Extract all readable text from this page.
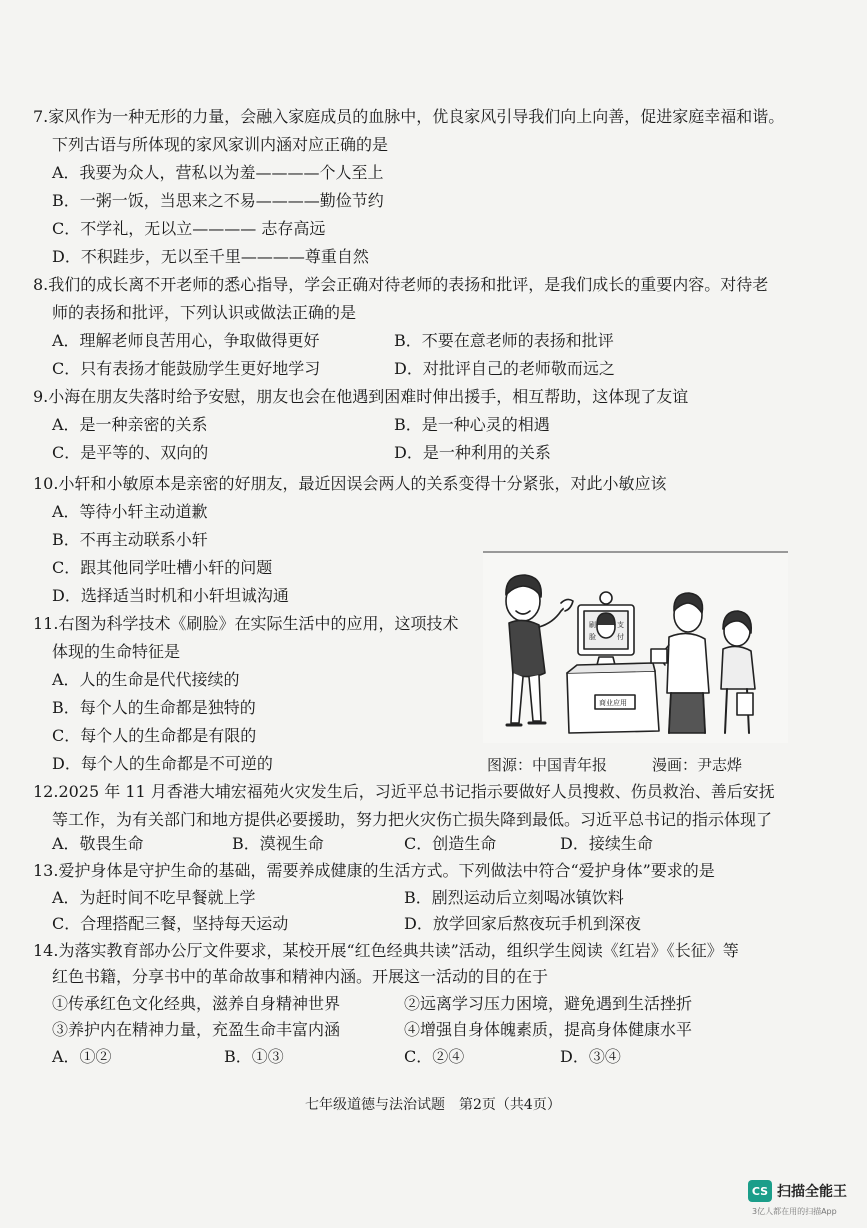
7.家风作为一种无形的力量，会融入家庭成员的血脉中，优良家风引导我们向上向善，促进家庭幸福和谐。
下列古语与所体现的家风家训内涵对应正确的是
A．我要为众人，营私以为羞————个人至上
B．一粥一饭，当思来之不易————勤俭节约
C．不学礼，无以立———— 志存高远
D．不积跬步，无以至千里————尊重自然
8.我们的成长离不开老师的悉心指导，学会正确对待老师的表扬和批评，是我们成长的重要内容。对待老
师的表扬和批评，下列认识或做法正确的是
A．理解老师良苦用心，争取做得更好	B．不要在意老师的表扬和批评
C．只有表扬才能鼓励学生更好地学习	D．对批评自己的老师敬而远之
9.小海在朋友失落时给予安慰，朋友也会在他遇到困难时伸出援手，相互帮助，这体现了友谊
A．是一种亲密的关系	B．是一种心灵的相遇
C．是平等的、双向的	D．是一种利用的关系
10.小轩和小敏原本是亲密的好朋友，最近因误会两人的关系变得十分紧张，对此小敏应该
A．等待小轩主动道歉
B．不再主动联系小轩
C．跟其他同学吐槽小轩的问题
D．选择适当时机和小轩坦诚沟通
11.右图为科学技术《刷脸》在实际生活中的应用，这项技术
体现的生命特征是
A．人的生命是代代接续的
B．每个人的生命都是独特的
C．每个人的生命都是有限的
D．每个人的生命都是不可逆的
刷
脸
支
付
商业应用
图源：中国青年报	漫画：尹志烨
12.2025 年 11 月香港大埔宏福苑火灾发生后，习近平总书记指示要做好人员搜救、伤员救治、善后安抚
等工作，为有关部门和地方提供必要援助，努力把火灾伤亡损失降到最低。习近平总书记的指示体现了
A．敬畏生命	B．漠视生命	C．创造生命	D．接续生命
13.爱护身体是守护生命的基础，需要养成健康的生活方式。下列做法中符合“爱护身体”要求的是
A．为赶时间不吃早餐就上学	B．剧烈运动后立刻喝冰镇饮料
C．合理搭配三餐，坚持每天运动	D．放学回家后熬夜玩手机到深夜
14.为落实教育部办公厅文件要求，某校开展“红色经典共读”活动，组织学生阅读《红岩》《长征》等
红色书籍，分享书中的革命故事和精神内涵。开展这一活动的目的在于
①传承红色文化经典，滋养自身精神世界	②远离学习压力困境，避免遇到生活挫折
③养护内在精神力量，充盈生命丰富内涵	④增强自身体魄素质，提高身体健康水平
A．①②	B．①③	C．②④	D．③④
七年级道德与法治试题　第2页（共4页）
CS 扫描全能王
3亿人都在用的扫描App
